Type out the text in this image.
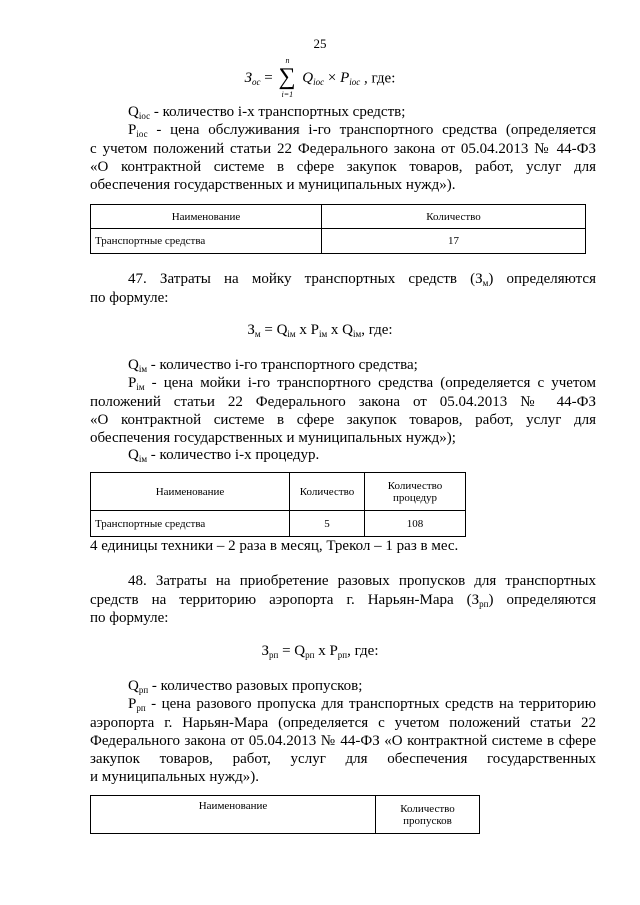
25
$З_{ос}$ =
n
∑
i=1
$Q_{iос} \times P_{iос}$ , где:
$Q_{iос}$ - количество i-х транспортных средств;
$P_{iос}$ - цена обслуживания i-го транспортного средства (определяется
с учетом положений статьи 22 Федерального закона от 05.04.2013 № 44-ФЗ
«О контрактной системе в сфере закупок товаров, работ, услуг для
обеспечения государственных и муниципальных нужд»).
Наименование	Количество
Транспортные средства	17
47. Затраты на мойку транспортных средств $(З_м)$ определяются
по формуле:
$З_м = Q_{iм}$ х $Р_{iм}$ х $Q_{iм}$, где:
$Q_{iм}$ - количество i-го транспортного средства;
$P_{iм}$ - цена мойки i-го транспортного средства (определяется с учетом
положений статьи 22 Федерального закона от 05.04.2013 № 44-ФЗ
«О контрактной системе в сфере закупок товаров, работ, услуг для
обеспечения государственных и муниципальных нужд»);
$Q_{iм}$ - количество i-х процедур.
Наименование	Количество	Количество процедур
Транспортные средства	5	108
4 единицы техники – 2 раза в месяц, Трекол – 1 раз в мес.
48. Затраты на приобретение разовых пропусков для транспортных
средств на территорию аэропорта г. Нарьян-Мара $(З_{рп})$ определяются
по формуле:
$З_{рп} = Q_{рп}$ х $Р_{рп}$, где:
$Q_{рп}$ - количество разовых пропусков;
$P_{рп}$ - цена разового пропуска для транспортных средств на территорию
аэропорта г. Нарьян-Мара (определяется с учетом положений статьи 22
Федерального закона от 05.04.2013 № 44-ФЗ «О контрактной системе в сфере
закупок товаров, работ, услуг для обеспечения государственных
и муниципальных нужд»).
Наименование	Количество пропусков
